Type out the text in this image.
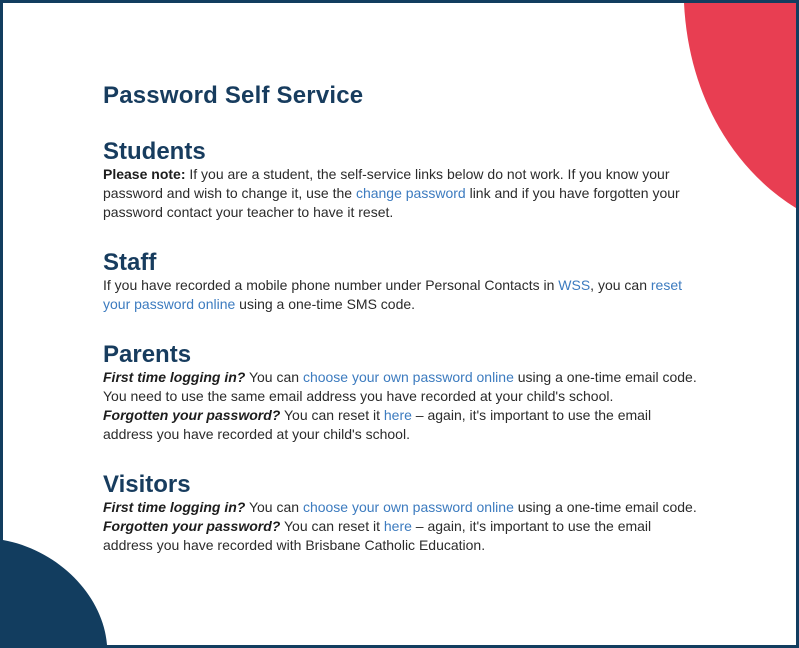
Password Self Service
Students

Please note: If you are a student, the self-service links below do not work. If you know your password and wish to change it, use the change password link and if you have forgotten your password contact your teacher to have it reset.

Staff

If you have recorded a mobile phone number under Personal Contacts in WSS, you can reset your password online using a one-time SMS code.

Parents

First time logging in? You can choose your own password online using a one-time email code. You need to use the same email address you have recorded at your child's school.

Forgotten your password? You can reset it here – again, it's important to use the email address you have recorded at your child's school.

Visitors

First time logging in? You can choose your own password online using a one-time email code.

Forgotten your password? You can reset it here – again, it's important to use the email address you have recorded with Brisbane Catholic Education.
